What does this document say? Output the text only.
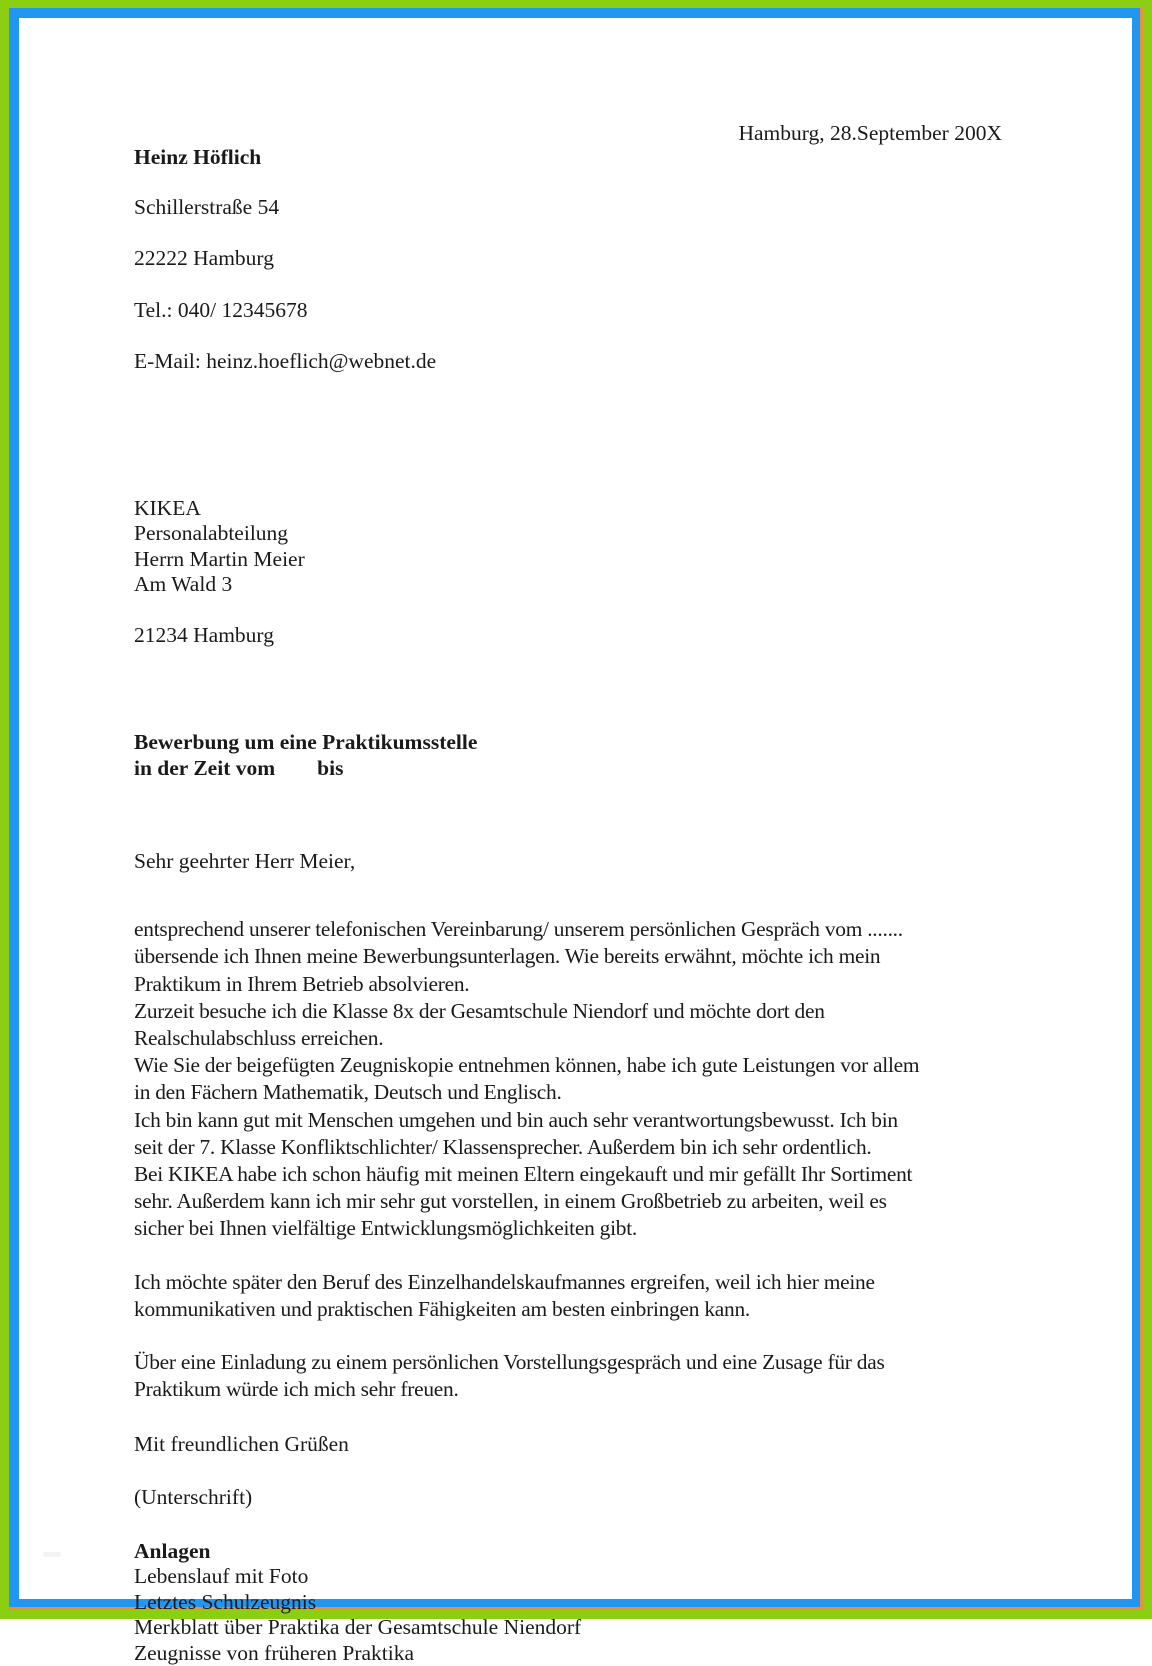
Heinz Höflich

Schillerstraße 54

22222 Hamburg

Tel.: 040/ 12345678

E-Mail: heinz.hoeflich@webnet.de

Hamburg, 28.September 200X
KIKEA
Personalabteilung
Herrn Martin Meier
Am Wald 3
21234 Hamburg
Bewerbung um eine Praktikumsstelle
in der Zeit vom bis
Sehr geehrter Herr Meier,

entsprechend unserer telefonischen Vereinbarung/ unserem persönlichen Gespräch vom .......
übersende ich Ihnen meine Bewerbungsunterlagen. Wie bereits erwähnt, möchte ich mein
Praktikum in Ihrem Betrieb absolvieren.
Zurzeit besuche ich die Klasse 8x der Gesamtschule Niendorf und möchte dort den
Realschulabschluss erreichen.
Wie Sie der beigefügten Zeugniskopie entnehmen können, habe ich gute Leistungen vor allem
in den Fächern Mathematik, Deutsch und Englisch.
Ich bin kann gut mit Menschen umgehen und bin auch sehr verantwortungsbewusst. Ich bin
seit der 7. Klasse Konfliktschlichter/ Klassensprecher. Außerdem bin ich sehr ordentlich.
Bei KIKEA habe ich schon häufig mit meinen Eltern eingekauft und mir gefällt Ihr Sortiment
sehr. Außerdem kann ich mir sehr gut vorstellen, in einem Großbetrieb zu arbeiten, weil es
sicher bei Ihnen vielfältige Entwicklungsmöglichkeiten gibt.

Ich möchte später den Beruf des Einzelhandelskaufmannes ergreifen, weil ich hier meine
kommunikativen und praktischen Fähigkeiten am besten einbringen kann.

Über eine Einladung zu einem persönlichen Vorstellungsgespräch und eine Zusage für das
Praktikum würde ich mich sehr freuen.

Mit freundlichen Grüßen
(Unterschrift)
Anlagen
Lebenslauf mit Foto
Letztes Schulzeugnis
Merkblatt über Praktika der Gesamtschule Niendorf
Zeugnisse von früheren Praktika
